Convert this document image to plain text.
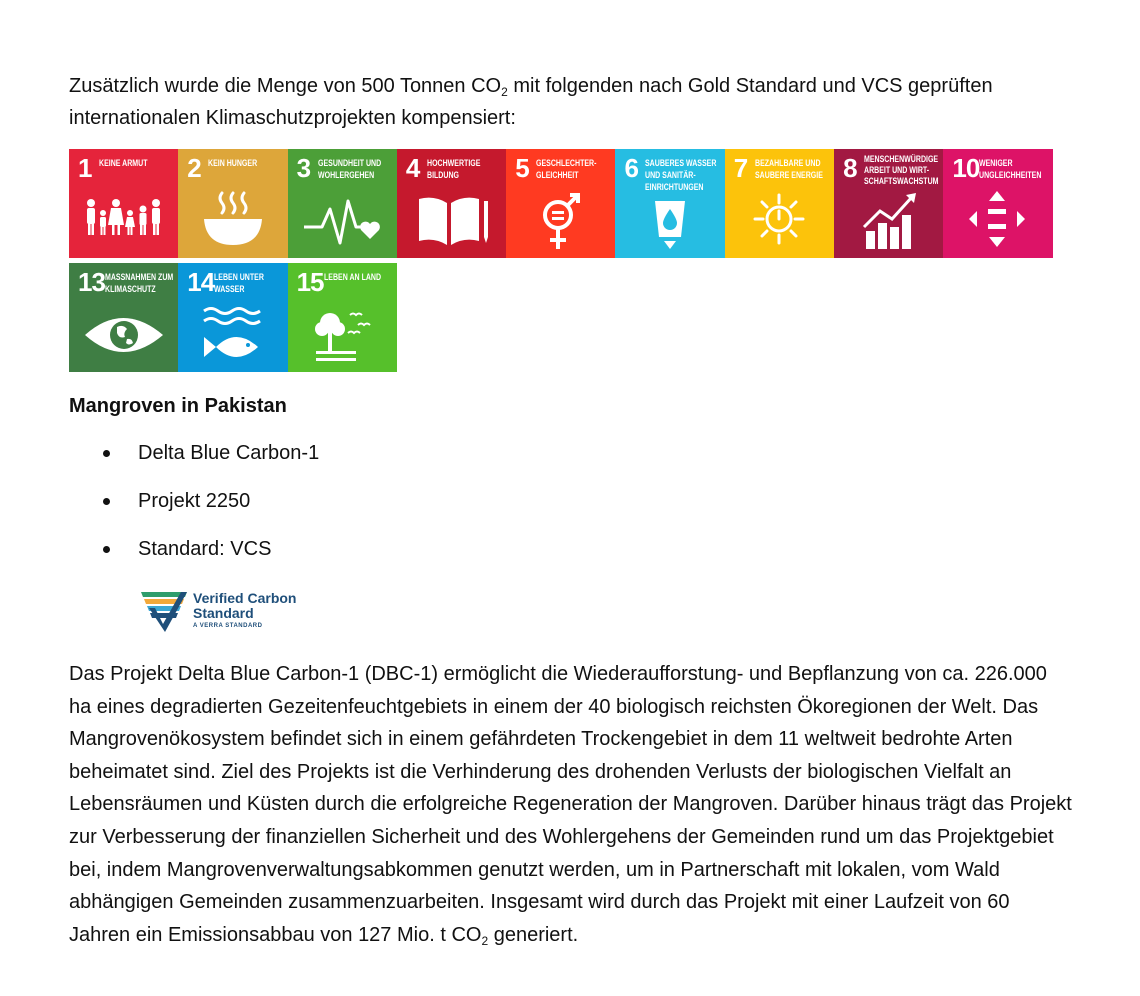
Zusätzlich wurde die Menge von 500 Tonnen $CO_2$ mit folgenden nach Gold Standard und VCS geprüften internationalen Klimaschutzprojekten kompensiert:

1 KEINE ARMUT	2 KEIN HUNGER	3 GESUNDHEIT UND WOHLERGEHEN	4 HOCHWERTIGE BILDUNG	5 GESCHLECHTER-GLEICHHEIT	6 SAUBERES WASSER UND SANITÄR-EINRICHTUNGEN
7 BEZAHLBARE UND SAUBERE ENERGIE 8 MENSCHENWÜRDIGE ARBEIT UND WIRT-SCHAFTSWACHSTUM 10 WENIGER UNGLEICHHEITEN
13 MASSNAHMEN ZUM KLIMASCHUTZ	14 LEBEN UNTER WASSER	15 LEBEN AN LAND
Mangroven in Pakistan
Delta Blue Carbon-1
Projekt 2250
Standard: VCS
Verified Carbon
Standard
A VERRA STANDARD

Das Projekt Delta Blue Carbon-1 (DBC-1) ermöglicht die Wiederaufforstung- und Bepflanzung von ca. 226.000 ha eines degradierten Gezeitenfeuchtgebiets in einem der 40 biologisch reichsten Ökoregionen der Welt. Das Mangrovenökosystem befindet sich in einem gefährdeten Trockengebiet in dem 11 weltweit bedrohte Arten beheimatet sind. Ziel des Projekts ist die Verhinderung des drohenden Verlusts der biologischen Vielfalt an Lebensräumen und Küsten durch die erfolgreiche Regeneration der Mangroven. Darüber hinaus trägt das Projekt zur Verbesserung der finanziellen Sicherheit und des Wohlergehens der Gemeinden rund um das Projektgebiet bei, indem Mangrovenverwaltungsabkommen genutzt werden, um in Partnerschaft mit lokalen, vom Wald abhängigen Gemeinden zusammenzuarbeiten. Insgesamt wird durch das Projekt mit einer Laufzeit von 60 Jahren ein Emissionsabbau von 127 Mio. t $CO_2$ generiert.
